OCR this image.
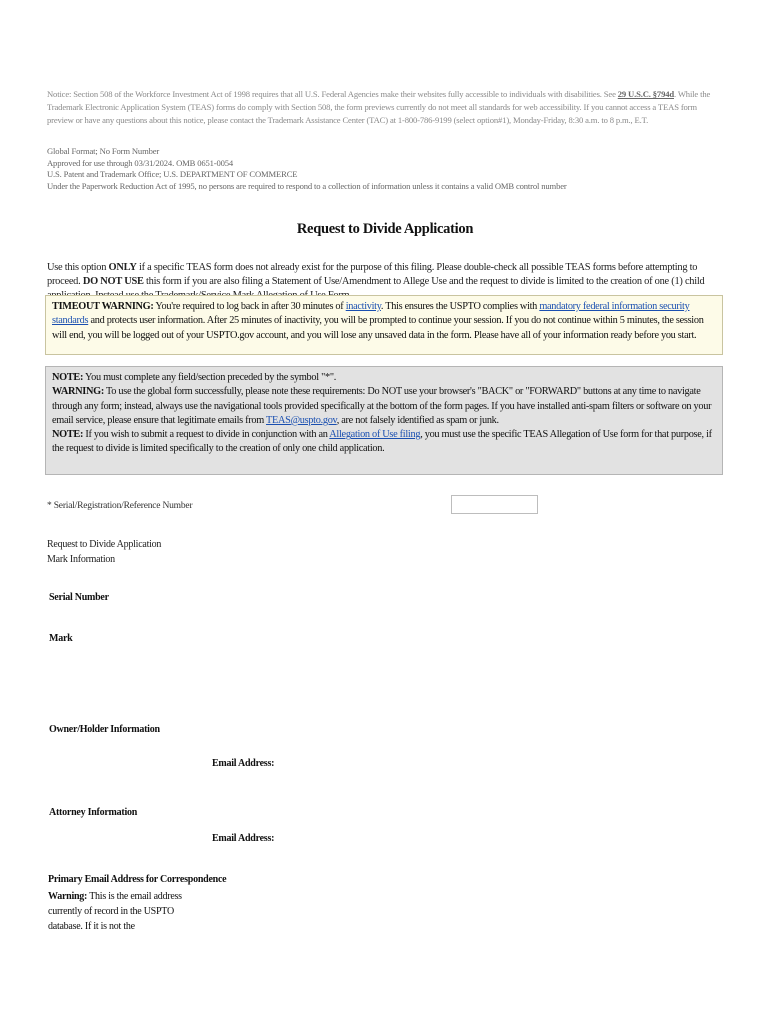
Notice: Section 508 of the Workforce Investment Act of 1998 requires that all U.S. Federal Agencies make their websites fully accessible to individuals with disabilities. See 29 U.S.C. §794d. While the Trademark Electronic Application System (TEAS) forms do comply with Section 508, the form previews currently do not meet all standards for web accessibility. If you cannot access a TEAS form preview or have any questions about this notice, please contact the Trademark Assistance Center (TAC) at 1-800-786-9199 (select option#1), Monday-Friday, 8:30 a.m. to 8 p.m., E.T.
Global Format; No Form Number
Approved for use through 03/31/2024. OMB 0651-0054
U.S. Patent and Trademark Office; U.S. DEPARTMENT OF COMMERCE
Under the Paperwork Reduction Act of 1995, no persons are required to respond to a collection of information unless it contains a valid OMB control number
Request to Divide Application
Use this option ONLY if a specific TEAS form does not already exist for the purpose of this filing. Please double-check all possible TEAS forms before attempting to proceed. DO NOT USE this form if you are also filing a Statement of Use/Amendment to Allege Use and the request to divide is limited to the creation of one (1) child
TIMEOUT WARNING: You're required to log back in after 30 minutes of inactivity. This ensures the USPTO complies with mandatory federal information security standards and protects user information. After 25 minutes of inactivity, you will be prompted to continue your session. If you do not continue within 5 minutes, the session will end, you will be logged out of your USPTO.gov account, and you will lose any unsaved data in the form. Please have all of your information ready before you start.
NOTE: You must complete any field/section preceded by the symbol "*".
WARNING: To use the global form successfully, please note these requirements: Do NOT use your browser's "BACK" or "FORWARD" buttons at any time to navigate through any form; instead, always use the navigational tools provided specifically at the bottom of the form pages. If you have installed anti-spam filters or software on your email service, please ensure that legitimate emails from TEAS@uspto.gov, are not falsely identified as spam or junk.
NOTE: If you wish to submit a request to divide in conjunction with an Allegation of Use filing, you must use the specific TEAS Allegation of Use form for that purpose, if the request to divide is limited specifically to the creation of only one child application.
* Serial/Registration/Reference Number
Request to Divide Application
Mark Information
Serial Number
Mark
Owner/Holder Information
Email Address:
Attorney Information
Email Address:
Primary Email Address for Correspondence
Warning: This is the email address currently of record in the USPTO database. If it is not the
